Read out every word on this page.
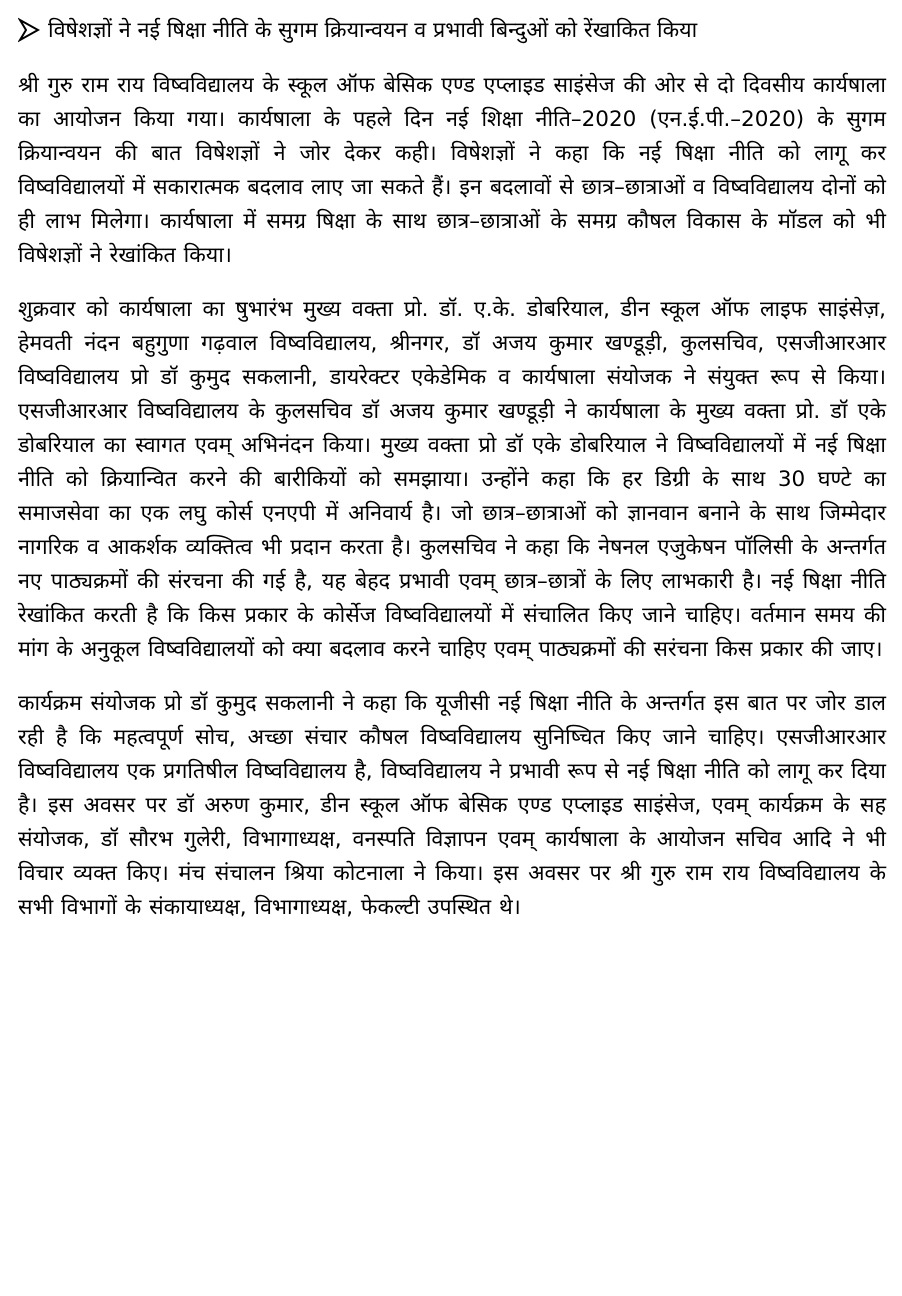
विषेशज्ञों ने नई षिक्षा नीति के सुगम क्रियान्वयन व प्रभावी बिन्दुओं को रेंखाकित किया

श्री गुरु राम राय विष्वविद्यालय के स्कूल ऑफ बेसिक एण्ड एप्लाइड साइंसेज की ओर से दो दिवसीय कार्यषाला का आयोजन किया गया। कार्यषाला के पहले दिन नई शिक्षा नीति–2020 (एन.ई.पी.–2020) के सुगम क्रियान्वयन की बात विषेशज्ञों ने जोर देकर कही। विषेशज्ञों ने कहा कि नई षिक्षा नीति को लागू कर विष्वविद्यालयों में सकारात्मक बदलाव लाए जा सकते हैं। इन बदलावों से छात्र–छात्राओं व विष्वविद्यालय दोनों को ही लाभ मिलेगा। कार्यषाला में समग्र षिक्षा के साथ छात्र–छात्राओं के समग्र कौषल विकास के मॉडल को भी विषेशज्ञों ने रेखांकित किया।

शुक्रवार को कार्यषाला का षुभारंभ मुख्य वक्ता प्रो. डॉ. ए.के. डोबरियाल, डीन स्कूल ऑफ लाइफ साइंसेज़, हेमवती नंदन बहुगुणा गढ़वाल विष्वविद्यालय, श्रीनगर, डॉ अजय कुमार खण्डूड़ी, कुलसचिव, एसजीआरआर विष्वविद्यालय प्रो डॉ कुमुद सकलानी, डायरेक्टर एकेडेमिक व कार्यषाला संयोजक ने संयुक्त रूप से किया। एसजीआरआर विष्वविद्यालय के कुलसचिव डॉ अजय कुमार खण्डूड़ी ने कार्यषाला के मुख्य वक्ता प्रो. डॉ एके डोबरियाल का स्वागत एवम् अभिनंदन किया। मुख्य वक्ता प्रो डॉ एके डोबरियाल ने विष्वविद्यालयों में नई षिक्षा नीति को क्रियान्वित करने की बारीकियों को समझाया। उन्होंने कहा कि हर डिग्री के साथ 30 घण्टे का समाजसेवा का एक लघु कोर्स एनएपी में अनिवार्य है। जो छात्र–छात्राओं को ज्ञानवान बनाने के साथ जिम्मेदार नागरिक व आकर्शक व्यक्तित्व भी प्रदान करता है। कुलसचिव ने कहा कि नेषनल एजुकेषन पॉलिसी के अन्तर्गत नए पाठ्यक्रमों की संरचना की गई है, यह बेहद प्रभावी एवम् छात्र–छात्रों के लिए लाभकारी है। नई षिक्षा नीति रेखांकित करती है कि किस प्रकार के कोर्सेज विष्वविद्यालयों में संचालित किए जाने चाहिए। वर्तमान समय की मांग के अनुकूल विष्वविद्यालयों को क्या बदलाव करने चाहिए एवम् पाठ्यक्रमों की सरंचना किस प्रकार की जाए।

कार्यक्रम संयोजक प्रो डॉ कुमुद सकलानी ने कहा कि यूजीसी नई षिक्षा नीति के अन्तर्गत इस बात पर जोर डाल रही है कि महत्वपूर्ण सोच, अच्छा संचार कौषल विष्वविद्यालय सुनिष्चित किए जाने चाहिए। एसजीआरआर विष्वविद्यालय एक प्रगतिषील विष्वविद्यालय है, विष्वविद्यालय ने प्रभावी रूप से नई षिक्षा नीति को लागू कर दिया है। इस अवसर पर डॉ अरुण कुमार, डीन स्कूल ऑफ बेसिक एण्ड एप्लाइड साइंसेज, एवम् कार्यक्रम के सह संयोजक, डॉ सौरभ गुलेरी, विभागाध्यक्ष, वनस्पति विज्ञापन एवम् कार्यषाला के आयोजन सचिव आदि ने भी विचार व्यक्त किए। मंच संचालन श्रिया कोटनाला ने किया। इस अवसर पर श्री गुरु राम राय विष्वविद्यालय के सभी विभागों के संकायाध्यक्ष, विभागाध्यक्ष, फेकल्टी उपस्थित थे।
